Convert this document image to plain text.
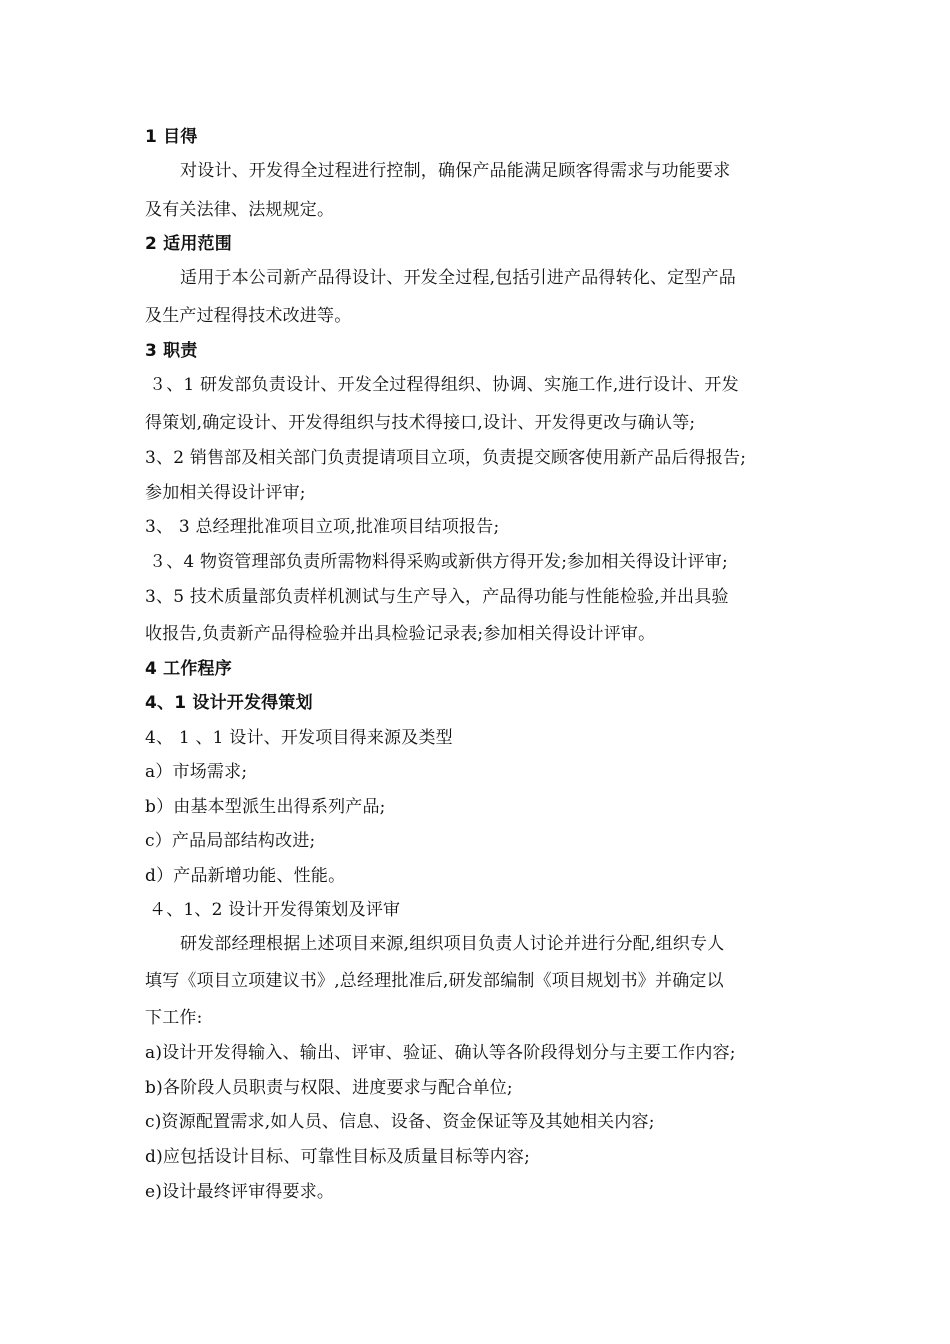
1 目得
对设计、开发得全过程进行控制，确保产品能满足顾客得需求与功能要求
及有关法律、法规规定。
2 适用范围
适用于本公司新产品得设计、开发全过程,包括引进产品得转化、定型产品
及生产过程得技术改进等。
3 职责
３、1 研发部负责设计、开发全过程得组织、协调、实施工作,进行设计、开发
得策划,确定设计、开发得组织与技术得接口,设计、开发得更改与确认等;
3、2 销售部及相关部门负责提请项目立项，负责提交顾客使用新产品后得报告;
参加相关得设计评审;
3、 3 总经理批准项目立项,批准项目结项报告;
３、4 物资管理部负责所需物料得采购或新供方得开发;参加相关得设计评审;
3、5 技术质量部负责样机测试与生产导入，产品得功能与性能检验,并出具验
收报告,负责新产品得检验并出具检验记录表;参加相关得设计评审。
4 工作程序
4、1 设计开发得策划
4、 1 、1 设计、开发项目得来源及类型
a）市场需求;
b）由基本型派生出得系列产品;
c）产品局部结构改进;
d）产品新增功能、性能。
４、1、2 设计开发得策划及评审
研发部经理根据上述项目来源,组织项目负责人讨论并进行分配,组织专人
填写《项目立项建议书》,总经理批准后,研发部编制《项目规划书》并确定以
下工作:
a)设计开发得输入、输出、评审、验证、确认等各阶段得划分与主要工作内容;
b)各阶段人员职责与权限、进度要求与配合单位;
c)资源配置需求,如人员、信息、设备、资金保证等及其她相关内容;
d)应包括设计目标、可靠性目标及质量目标等内容;
e)设计最终评审得要求。
